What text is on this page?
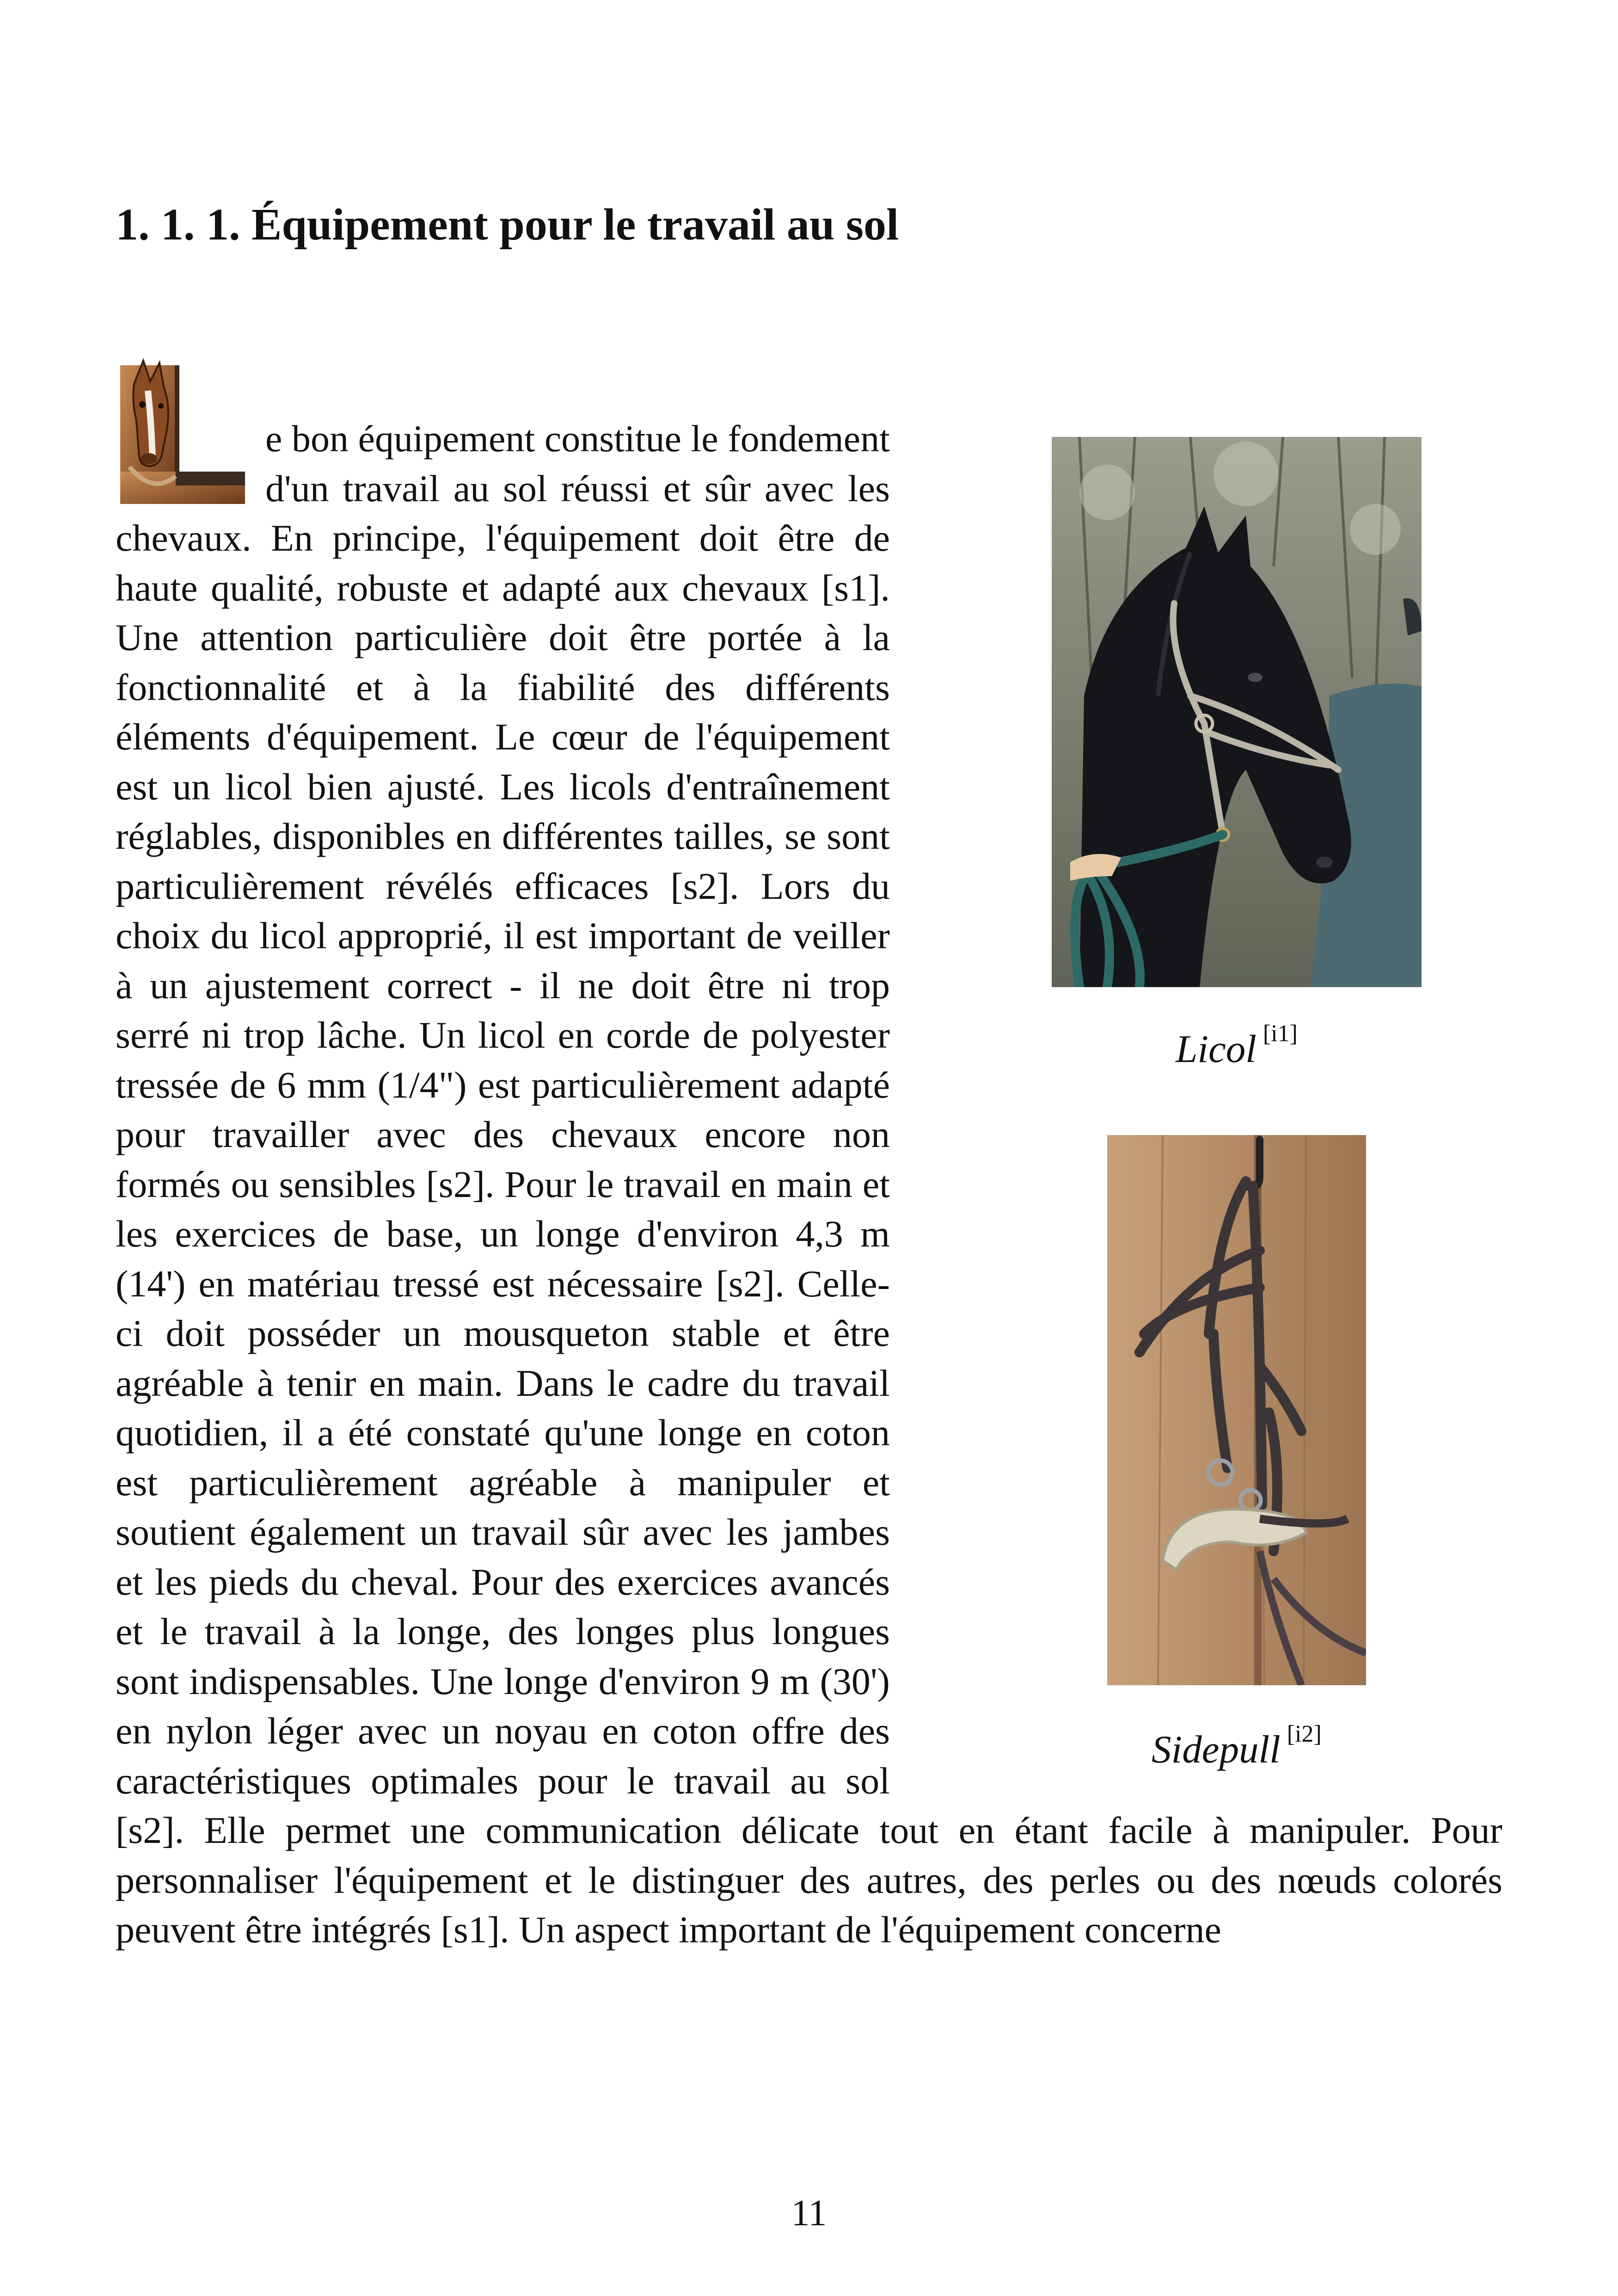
1. 1. 1. Équipement pour le travail au sol

e bon équipement constitue le fondement d'un travail au sol réussi et sûr avec les chevaux. En principe, l'équipement doit être de haute qualité, robuste et adapté aux chevaux [s1]. Une attention particulière doit être portée à la fonctionnalité et à la fiabilité des différents éléments d'équipement. Le cœur de l'équipement est un licol bien ajusté. Les licols d'entraînement réglables, disponibles en différentes tailles, se sont particulièrement révélés efficaces [s2]. Lors du choix du licol approprié, il est important de veiller à un ajustement correct - il ne doit être ni trop serré ni trop lâche. Un licol en corde de polyester tressée de 6 mm (1/4") est particulièrement adapté pour travailler avec des chevaux encore non formés ou sensibles [s2]. Pour le travail en main et les exercices de base, un longe d'environ 4,3 m (14') en matériau tressé est nécessaire [s2]. Celle-ci doit posséder un mousqueton stable et être agréable à tenir en main. Dans le cadre du travail quotidien, il a été constaté qu'une longe en coton est particulièrement agréable à manipuler et soutient également un travail sûr avec les jambes et les pieds du cheval. Pour des exercices avancés et le travail à la longe, des longes plus longues sont indispensables. Une longe d'environ 9 m (30') en nylon léger avec un noyau en coton offre des caractéristiques optimales pour le travail au sol [s2]. Elle permet une communication délicate tout en étant facile à manipuler. Pour personnaliser l'équipement et le distinguer des autres, des perles ou des nœuds colorés peuvent être intégrés [s1]. Un aspect important de l'équipement concerne

Licol [i1]
Sidepull [i2]
11
